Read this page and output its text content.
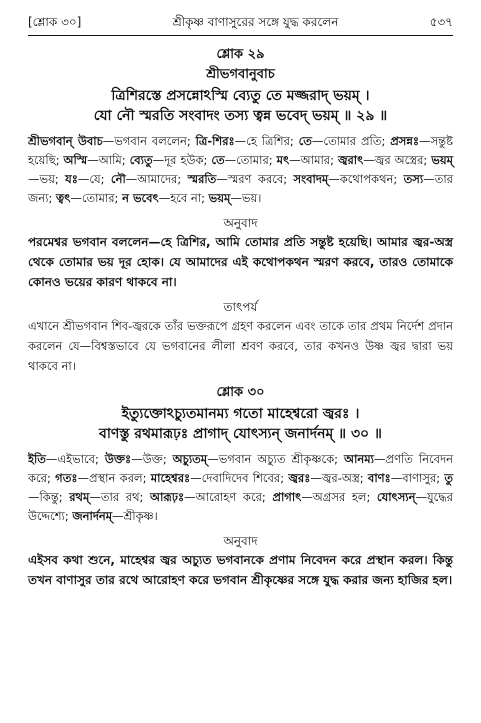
[শ্লোক ৩০]	শ্রীকৃষ্ণ বাণাসুরের সঙ্গে যুদ্ধ করলেন	৫৩৭
শ্লোক ২৯
শ্রীভগবানুবাচ
ত্রিশিরস্তে প্রসন্নোঽস্মি ব্যেতু তে মজ্জরাদ্ ভয়ম্ ।
যো নৌ স্মরতি সংবাদং তস্য ত্বন্ন ভবেদ্ ভয়ম্ ॥ ২৯ ॥

শ্রীভগবান্ উবাচ—ভগবান বললেন; ত্রি-শিরঃ—হে ত্রিশির; তে—তোমার প্রতি; প্রসন্নঃ—সন্তুষ্ট হয়েছি; অস্মি—আমি; ব্যেতু—দূর হউক; তে—তোমার; মৎ—আমার; জ্বরাৎ—জ্বর অস্ত্রের; ভয়ম্—ভয়; যঃ—যে; নৌ—আমাদের; স্মরতি—স্মরণ করবে; সংবাদম্—কথোপকথন; তস্য—তার জন্য; ত্বৎ—তোমার; ন ভবেৎ—হবে না; ভয়ম্—ভয়।

অনুবাদ

পরমেশ্বর ভগবান বললেন—হে ত্রিশির, আমি তোমার প্রতি সন্তুষ্ট হয়েছি। আমার জ্বর-অস্ত্র থেকে তোমার ভয় দূর হোক। যে আমাদের এই কথোপকথন স্মরণ করবে, তারও তোমাকে কোনও ভয়ের কারণ থাকবে না।

তাৎপর্য

এখানে শ্রীভগবান শিব-জ্বরকে তাঁর ভক্তরূপে গ্রহণ করলেন এবং তাকে তার প্রথম নির্দেশ প্রদান করলেন যে—বিশ্বস্তভাবে যে ভগবানের লীলা শ্রবণ করবে, তার কখনও উষ্ণ জ্বর দ্বারা ভয় থাকবে না।

শ্লোক ৩০
ইত্যুক্তোঽচ্যুতমানম্য গতো মাহেশ্বরো জ্বরঃ ।
বাণস্তু রথমারূঢ়ঃ প্রাগাদ্ যোৎস্যন্ জনার্দনম্ ॥ ৩০ ॥

ইতি—এইভাবে; উক্তঃ—উক্ত; অচ্যুতম্—ভগবান অচ্যুত শ্রীকৃষ্ণকে; আনম্য—প্রণতি নিবেদন করে; গতঃ—প্রস্থান করল; মাহেশ্বরঃ—দেবাদিদেব শিবের; জ্বরঃ—জ্বর-অস্ত্র; বাণঃ—বাণাসুর; তু—কিন্তু; রথম্—তার রথ; আরূঢ়ঃ—আরোহণ করে; প্রাগাৎ—অগ্রসর হল; যোৎস্যন্—যুদ্ধের উদ্দেশ্যে; জনার্দনম্—শ্রীকৃষ্ণ।

অনুবাদ

এইসব কথা শুনে, মাহেশ্বর জ্বর অচ্যুত ভগবানকে প্রণাম নিবেদন করে প্রস্থান করল। কিন্তু তখন বাণাসুর তার রথে আরোহণ করে ভগবান শ্রীকৃষ্ণের সঙ্গে যুদ্ধ করার জন্য হাজির হল।
